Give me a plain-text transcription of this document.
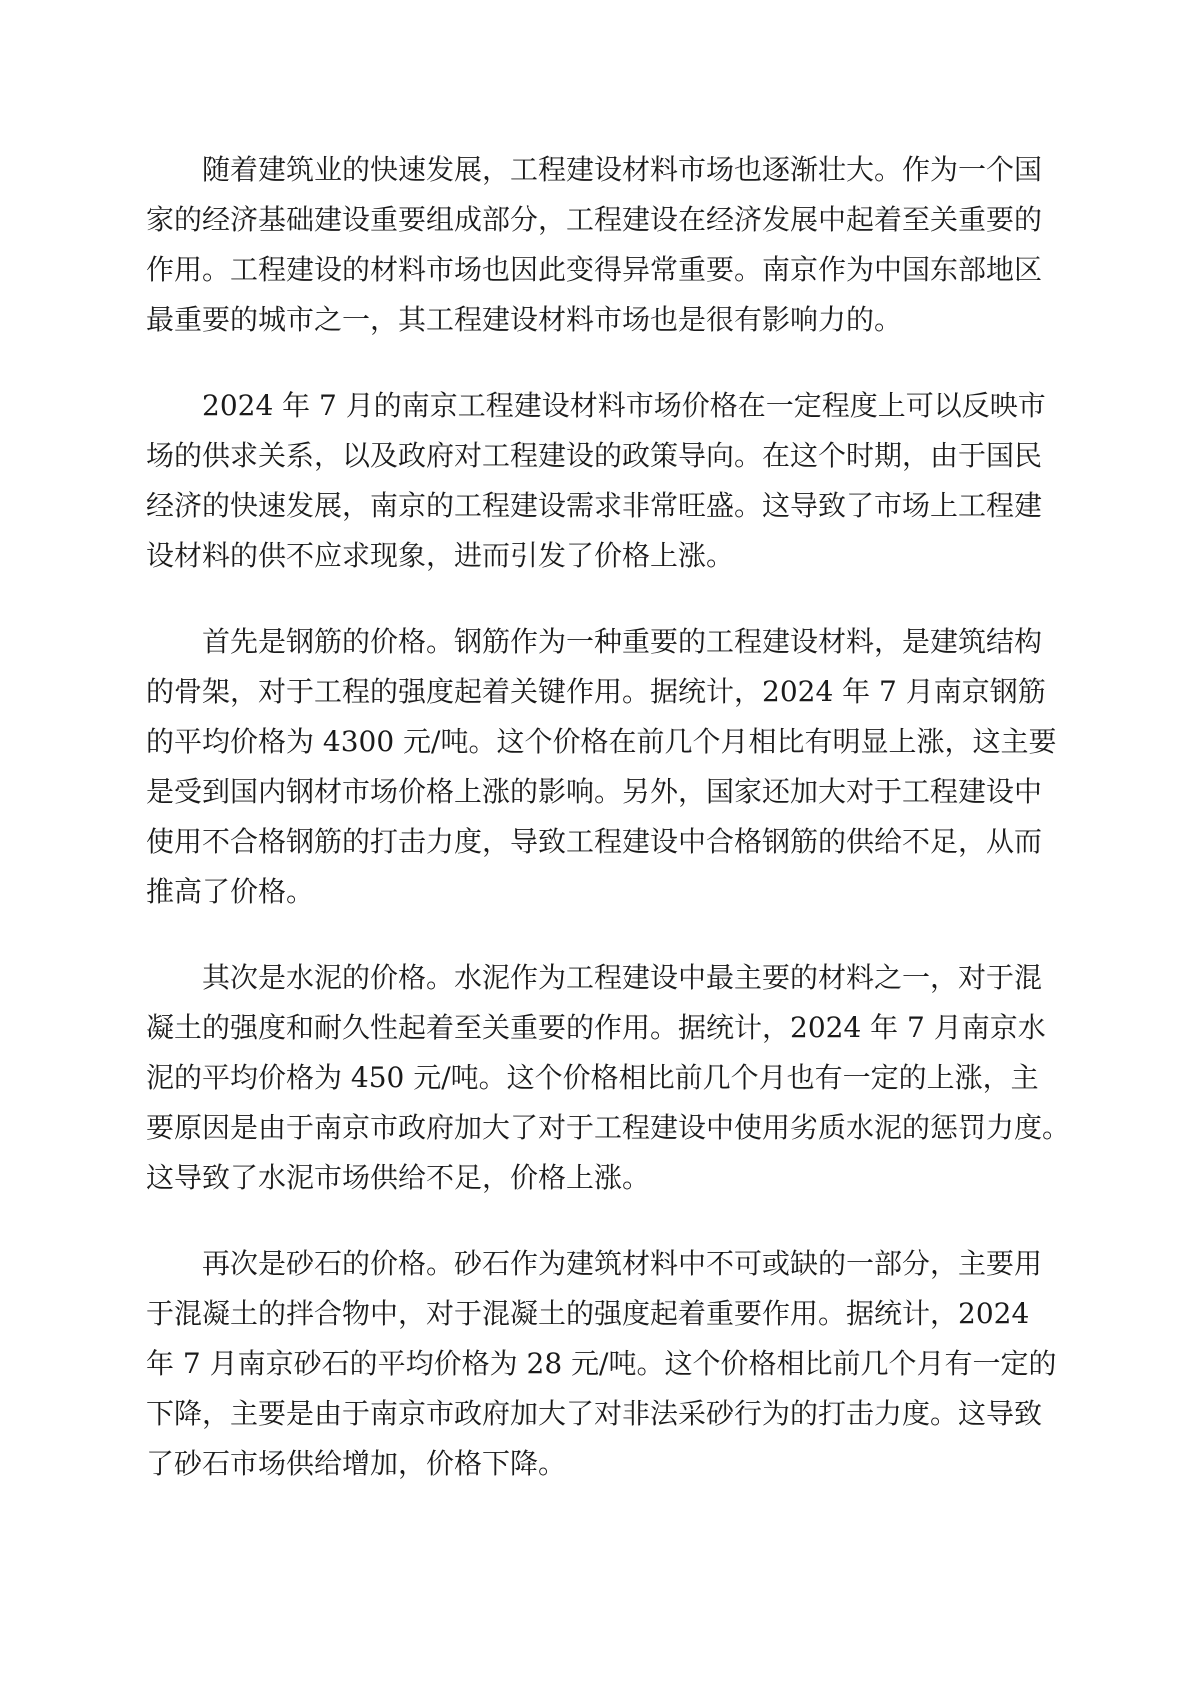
随着建筑业的快速发展，工程建设材料市场也逐渐壮大。作为一个国
家的经济基础建设重要组成部分，工程建设在经济发展中起着至关重要的
作用。工程建设的材料市场也因此变得异常重要。南京作为中国东部地区
最重要的城市之一，其工程建设材料市场也是很有影响力的。
2024 年 7 月的南京工程建设材料市场价格在一定程度上可以反映市
场的供求关系，以及政府对工程建设的政策导向。在这个时期，由于国民
经济的快速发展，南京的工程建设需求非常旺盛。这导致了市场上工程建
设材料的供不应求现象，进而引发了价格上涨。
首先是钢筋的价格。钢筋作为一种重要的工程建设材料，是建筑结构
的骨架，对于工程的强度起着关键作用。据统计，2024 年 7 月南京钢筋
的平均价格为 4300 元/吨。这个价格在前几个月相比有明显上涨，这主要
是受到国内钢材市场价格上涨的影响。另外，国家还加大对于工程建设中
使用不合格钢筋的打击力度，导致工程建设中合格钢筋的供给不足，从而
推高了价格。
其次是水泥的价格。水泥作为工程建设中最主要的材料之一，对于混
凝土的强度和耐久性起着至关重要的作用。据统计，2024 年 7 月南京水
泥的平均价格为 450 元/吨。这个价格相比前几个月也有一定的上涨，主
要原因是由于南京市政府加大了对于工程建设中使用劣质水泥的惩罚力度。
这导致了水泥市场供给不足，价格上涨。
再次是砂石的价格。砂石作为建筑材料中不可或缺的一部分，主要用
于混凝土的拌合物中，对于混凝土的强度起着重要作用。据统计，2024
年 7 月南京砂石的平均价格为 28 元/吨。这个价格相比前几个月有一定的
下降，主要是由于南京市政府加大了对非法采砂行为的打击力度。这导致
了砂石市场供给增加，价格下降。
